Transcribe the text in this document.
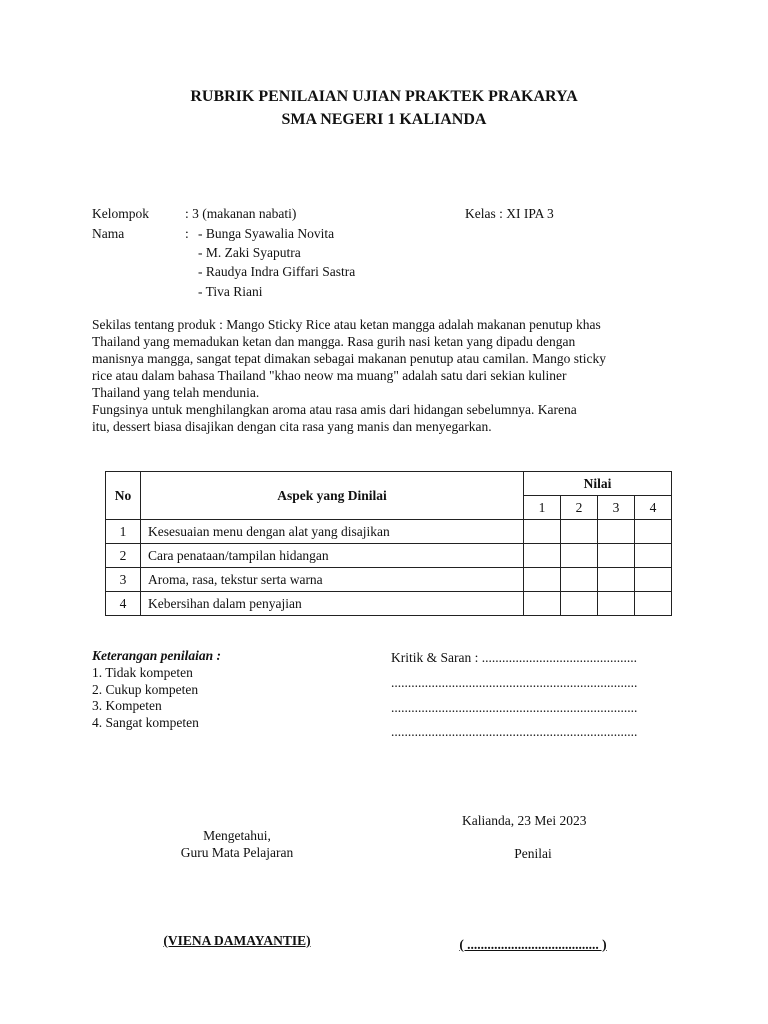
RUBRIK PENILAIAN UJIAN PRAKTEK PRAKARYA
SMA NEGERI 1 KALIANDA
Kelompok	: 3 (makanan nabati)	Kelas : XI IPA 3
Nama	: - Bunga Syawalia Novita
- M. Zaki Syaputra
- Raudya Indra Giffari Sastra
- Tiva Riani

Sekilas tentang produk : Mango Sticky Rice atau ketan mangga adalah makanan penutup khas

Thailand yang memadukan ketan dan mangga. Rasa gurih nasi ketan yang dipadu dengan

manisnya mangga, sangat tepat dimakan sebagai makanan penutup atau camilan. Mango sticky

rice atau dalam bahasa Thailand "khao neow ma muang" adalah satu dari sekian kuliner

Thailand yang telah mendunia.

Fungsinya untuk menghilangkan aroma atau rasa amis dari hidangan sebelumnya. Karena

itu, dessert biasa disajikan dengan cita rasa yang manis dan menyegarkan.

No	Aspek yang Dinilai	Nilai			
		1	2	3	4
1	Kesesuaian menu dengan alat yang disajikan				
2	Cara penataan/tampilan hidangan				
3	Aroma, rasa, tekstur serta warna				
4	Kebersihan dalam penyajian				
Keterangan penilaian :
1. Tidak kompeten
2. Cukup kompeten
3. Kompeten
4. Sangat kompeten
Kritik & Saran : ..............................................
.........................................................................
.........................................................................
.........................................................................
Kalianda, 23 Mei 2023
Mengetahui,
Guru Mata Pelajaran	Penilai
(VIENA DAMAYANTIE)	( ....................................... )
